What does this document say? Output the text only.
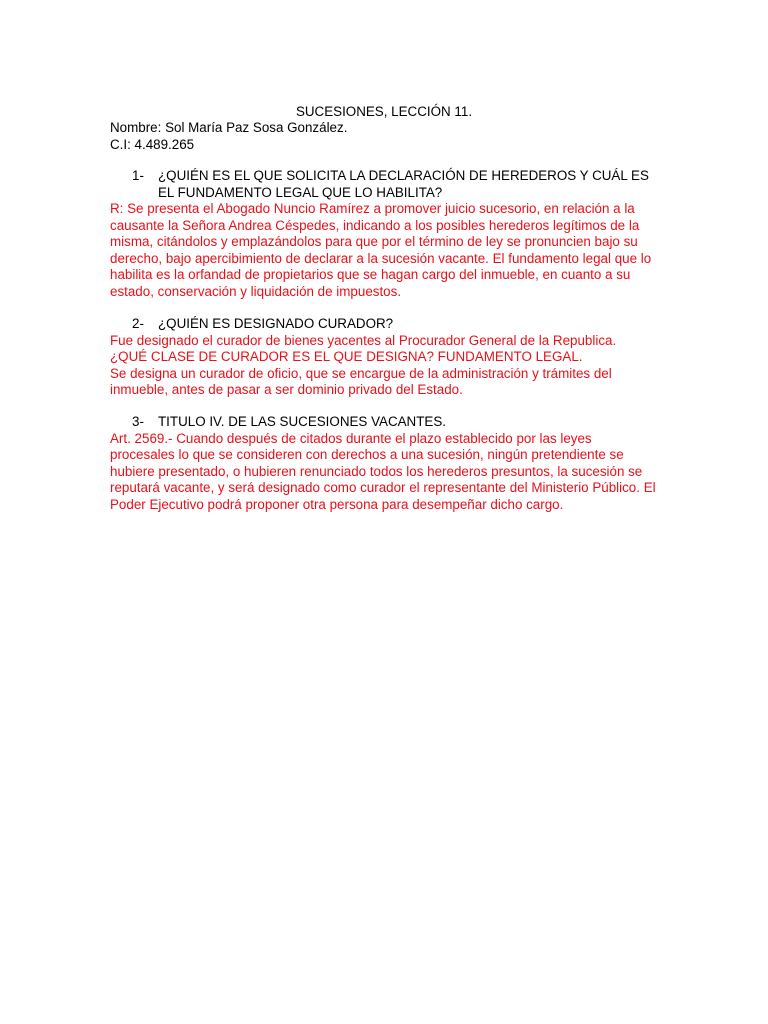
SUCESIONES, LECCIÓN 11.
Nombre: Sol María Paz Sosa González.
C.I: 4.489.265
1- ¿QUIÉN ES EL QUE SOLICITA LA DECLARACIÓN DE HEREDEROS Y CUÁL ES EL FUNDAMENTO LEGAL QUE LO HABILITA?

R: Se presenta el Abogado Nuncio Ramírez a promover juicio sucesorio, en relación a la causante la Señora Andrea Céspedes, indicando a los posibles herederos legítimos de la misma, citándolos y emplazándolos para que por el término de ley se pronuncien bajo su derecho, bajo apercibimiento de declarar a la sucesión vacante. El fundamento legal que lo habilita es la orfandad de propietarios que se hagan cargo del inmueble, en cuanto a su estado, conservación y liquidación de impuestos.

2- ¿QUIÉN ES DESIGNADO CURADOR?

Fue designado el curador de bienes yacentes al Procurador General de la Republica.

¿QUÉ CLASE DE CURADOR ES EL QUE DESIGNA? FUNDAMENTO LEGAL.

Se designa un curador de oficio, que se encargue de la administración y trámites del inmueble, antes de pasar a ser dominio privado del Estado.

3- TITULO IV. DE LAS SUCESIONES VACANTES.

Art. 2569.- Cuando después de citados durante el plazo establecido por las leyes procesales lo que se consideren con derechos a una sucesión, ningún pretendiente se hubiere presentado, o hubieren renunciado todos los herederos presuntos, la sucesión se reputará vacante, y será designado como curador el representante del Ministerio Público. El Poder Ejecutivo podrá proponer otra persona para desempeñar dicho cargo.
